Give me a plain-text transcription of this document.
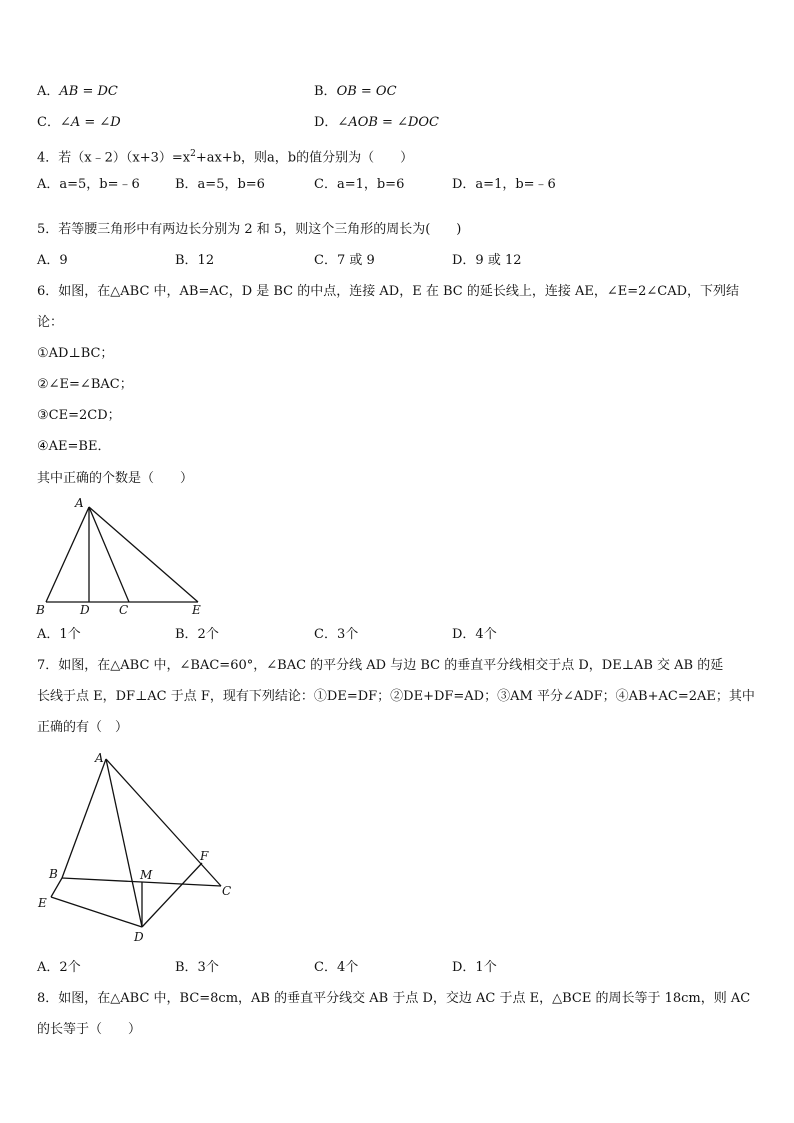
A．AB = DC	B．OB = OC
C．∠A = ∠D	D．∠AOB = ∠DOC
4．若$(x﹣2)(x+3)=x^2+ax+b$，则a，b的值分别为（　　）
A．a=5，b=﹣6	B．a=5，b=6	C．a=1，b=6	D．a=1，b=﹣6
5．若等腰三角形中有两边长分别为 2 和 5，则这个三角形的周长为(　　)
A．9	B．12	C．7 或 9	D．9 或 12
6．如图，在△ABC 中，AB=AC，D 是 BC 的中点，连接 AD，E 在 BC 的延长线上，连接 AE，∠E=2∠CAD，下列结
论：
①AD⊥BC；
②∠E=∠BAC；
③CE=2CD；
④AE=BE．
其中正确的个数是（　　）
A
B	D C	E
A．1个	B．2个	C．3个	D．4个
7．如图，在△ABC 中，∠BAC=60°，∠BAC 的平分线 AD 与边 BC 的垂直平分线相交于点 D，DE⊥AB 交 AB 的延
长线于点 E，DF⊥AC 于点 F，现有下列结论：①DE=DF；②DE+DF=AD；③AM 平分∠ADF；④AB+AC=2AE；其中
正确的有（　）
A
B	M
F
C
E
D
A．2个	B．3个	C．4个	D．1个
8．如图，在△ABC 中，BC=8cm，AB 的垂直平分线交 AB 于点 D，交边 AC 于点 E，△BCE 的周长等于 18cm，则 AC
的长等于（　　）
